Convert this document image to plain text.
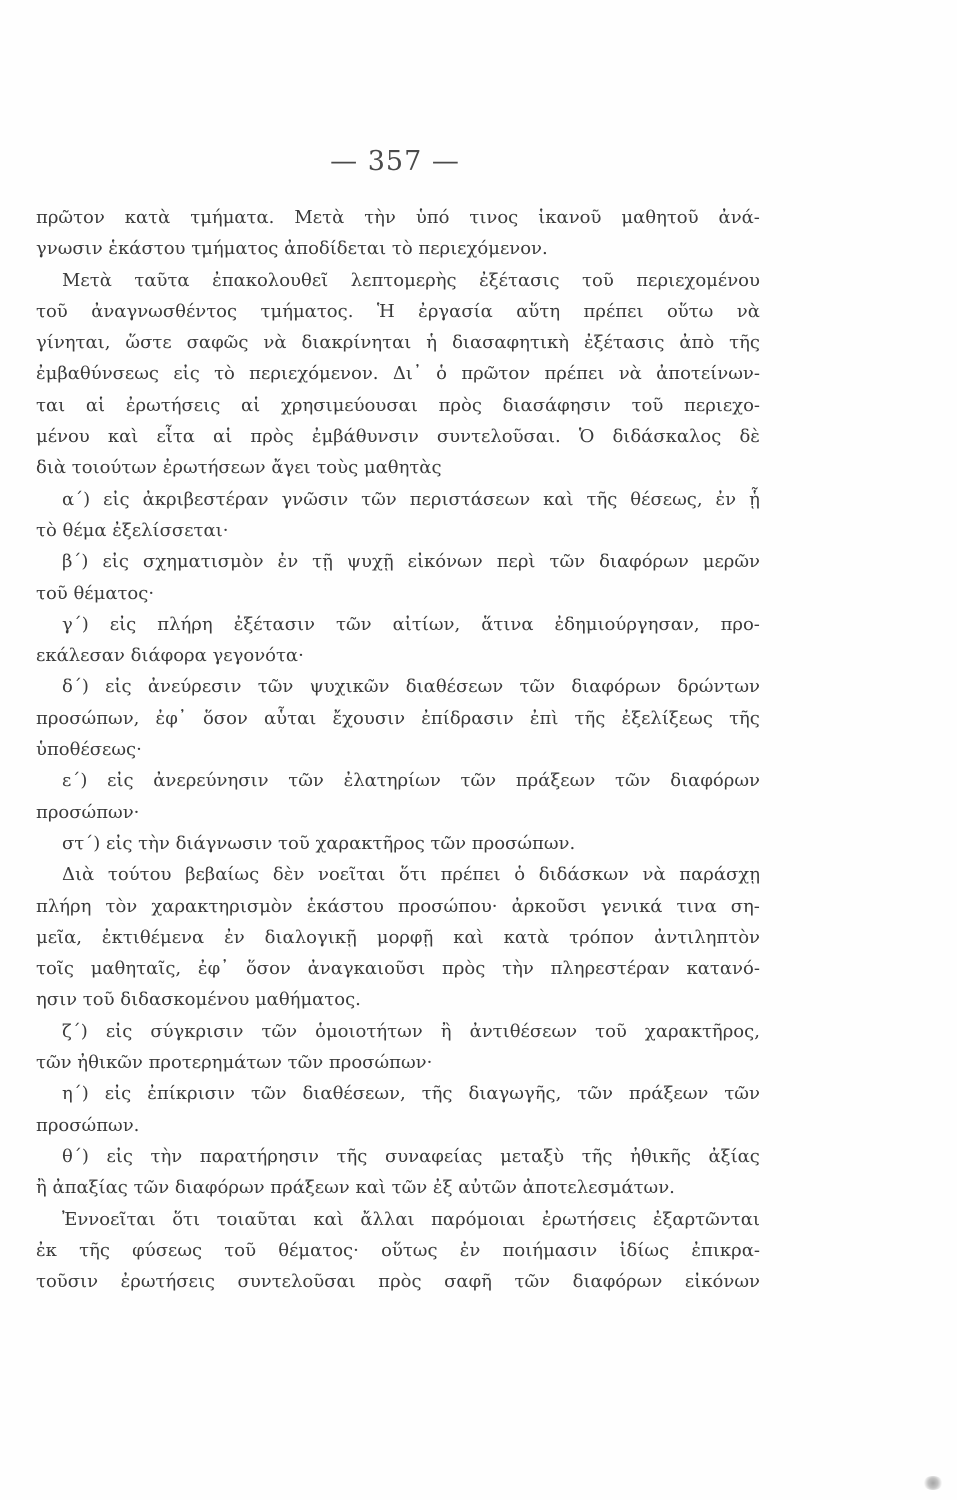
— 357 —
πρῶτον κατὰ τμήματα. Μετὰ τὴν ὑπό τινος ἱκανοῦ μαθητοῦ ἀνά-
γνωσιν ἑκάστου τμήματος ἀποδίδεται τὸ περιεχόμενον.
Μετὰ ταῦτα ἐπακολουθεῖ λεπτομερὴς ἐξέτασις τοῦ περιεχομένου
τοῦ ἀναγνωσθέντος τμήματος. Ἡ ἐργασία αὕτη πρέπει οὕτω νὰ
γίνηται, ὥστε σαφῶς νὰ διακρίνηται ἡ διασαφητικὴ ἐξέτασις ἀπὸ τῆς
ἐμβαθύνσεως εἰς τὸ περιεχόμενον. Δι᾽ ὁ πρῶτον πρέπει νὰ ἀποτείνων-
ται αἱ ἐρωτήσεις αἱ χρησιμεύουσαι πρὸς διασάφησιν τοῦ περιεχο-
μένου καὶ εἶτα αἱ πρὸς ἐμβάθυνσιν συντελοῦσαι. Ὁ διδάσκαλος δὲ
διὰ τοιούτων ἐρωτήσεων ἄγει τοὺς μαθητὰς
α΄) εἰς ἀκριβεστέραν γνῶσιν τῶν περιστάσεων καὶ τῆς θέσεως, ἐν ᾗ
τὸ θέμα ἐξελίσσεται·
β΄) εἰς σχηματισμὸν ἐν τῇ ψυχῇ εἰκόνων περὶ τῶν διαφόρων μερῶν
τοῦ θέματος·
γ΄) εἰς πλήρη ἐξέτασιν τῶν αἰτίων, ἅτινα ἐδημιούργησαν, προ-
εκάλεσαν διάφορα γεγονότα·
δ΄) εἰς ἀνεύρεσιν τῶν ψυχικῶν διαθέσεων τῶν διαφόρων δρώντων
προσώπων, ἐφ᾽ ὅσον αὗται ἔχουσιν ἐπίδρασιν ἐπὶ τῆς ἐξελίξεως τῆς
ὑποθέσεως·
ε΄) εἰς ἀνερεύνησιν τῶν ἐλατηρίων τῶν πράξεων τῶν διαφόρων
προσώπων·
στ΄) εἰς τὴν διάγνωσιν τοῦ χαρακτῆρος τῶν προσώπων.
Διὰ τούτου βεβαίως δὲν νοεῖται ὅτι πρέπει ὁ διδάσκων νὰ παράσχῃ
πλήρη τὸν χαρακτηρισμὸν ἑκάστου προσώπου· ἀρκοῦσι γενικά τινα ση-
μεῖα, ἐκτιθέμενα ἐν διαλογικῇ μορφῇ καὶ κατὰ τρόπον ἀντιληπτὸν
τοῖς μαθηταῖς, ἐφ᾽ ὅσον ἀναγκαιοῦσι πρὸς τὴν πληρεστέραν κατανό-
ησιν τοῦ διδασκομένου μαθήματος.
ζ΄) εἰς σύγκρισιν τῶν ὁμοιοτήτων ἢ ἀντιθέσεων τοῦ χαρακτῆρος,
τῶν ἠθικῶν προτερημάτων τῶν προσώπων·
η΄) εἰς ἐπίκρισιν τῶν διαθέσεων, τῆς διαγωγῆς, τῶν πράξεων τῶν
προσώπων.
θ΄) εἰς τὴν παρατήρησιν τῆς συναφείας μεταξὺ τῆς ἠθικῆς ἀξίας
ἢ ἀπαξίας τῶν διαφόρων πράξεων καὶ τῶν ἐξ αὐτῶν ἀποτελεσμάτων.
Ἐννοεῖται ὅτι τοιαῦται καὶ ἄλλαι παρόμοιαι ἐρωτήσεις ἐξαρτῶνται
ἐκ τῆς φύσεως τοῦ θέματος· οὕτως ἐν ποιήμασιν ἰδίως ἐπικρα-
τοῦσιν ἐρωτήσεις συντελοῦσαι πρὸς σαφῆ τῶν διαφόρων εἰκόνων
